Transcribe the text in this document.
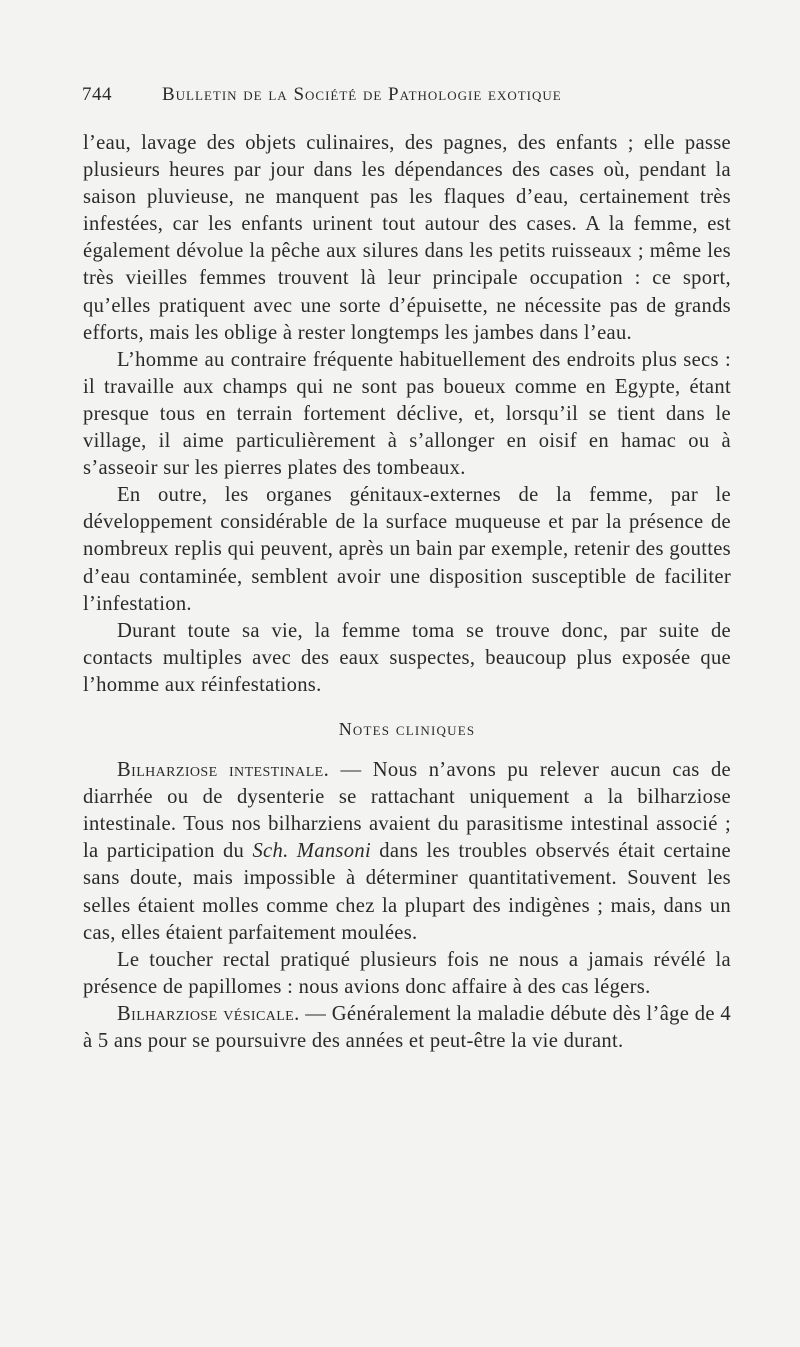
744	Bulletin de la Société de Pathologie exotique

l’eau, lavage des objets culinaires, des pagnes, des enfants ; elle passe plusieurs heures par jour dans les dépendances des cases où, pendant la saison pluvieuse, ne manquent pas les flaques d’eau, certainement très infestées, car les enfants urinent tout autour des cases. A la femme, est également dévolue la pêche aux silures dans les petits ruisseaux ; même les très vieilles femmes trouvent là leur principale occupation : ce sport, qu’elles pratiquent avec une sorte d’épuisette, ne nécessite pas de grands efforts, mais les oblige à rester longtemps les jambes dans l’eau.

L’homme au contraire fréquente habituellement des endroits plus secs : il travaille aux champs qui ne sont pas boueux comme en Egypte, étant presque tous en terrain fortement déclive, et, lorsqu’il se tient dans le village, il aime particulièrement à s’allonger en oisif en hamac ou à s’asseoir sur les pierres plates des tombeaux.

En outre, les organes génitaux-externes de la femme, par le développement considérable de la surface muqueuse et par la présence de nombreux replis qui peuvent, après un bain par exemple, retenir des gouttes d’eau contaminée, semblent avoir une disposition susceptible de faciliter l’infestation.

Durant toute sa vie, la femme toma se trouve donc, par suite de contacts multiples avec des eaux suspectes, beaucoup plus exposée que l’homme aux réinfestations.

Notes cliniques

Bilharziose intestinale. — Nous n’avons pu relever aucun cas de diarrhée ou de dysenterie se rattachant uniquement a la bilharziose intestinale. Tous nos bilharziens avaient du parasitisme intestinal associé ; la participation du Sch. Mansoni dans les troubles observés était certaine sans doute, mais impossible à déterminer quantitativement. Souvent les selles étaient molles comme chez la plupart des indigènes ; mais, dans un cas, elles étaient parfaitement moulées.

Le toucher rectal pratiqué plusieurs fois ne nous a jamais révélé la présence de papillomes : nous avions donc affaire à des cas légers.

Bilharziose vésicale. — Généralement la maladie débute dès l’âge de 4 à 5 ans pour se poursuivre des années et peut-être la vie durant.
